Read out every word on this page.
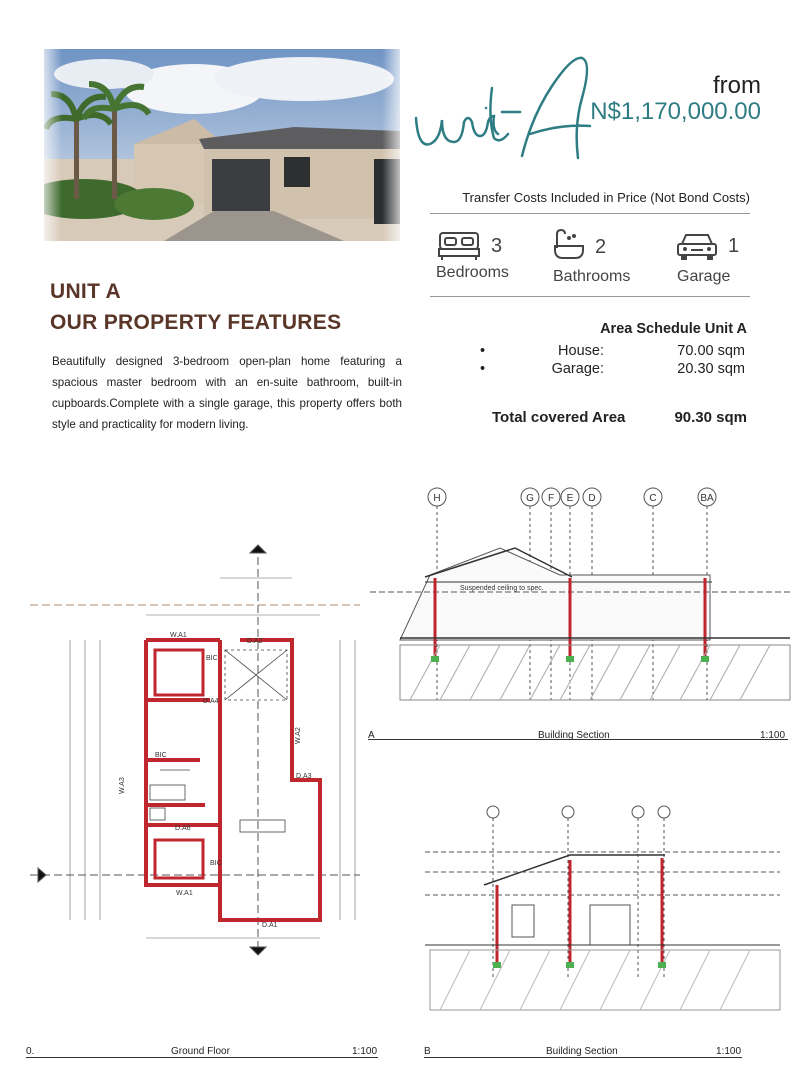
unit A
from
N$1,170,000.00
Transfer Costs Included in Price (Not Bond Costs)
3
Bedrooms
2
Bathrooms
1
Garage
UNIT A
OUR PROPERTY FEATURES
Beautifully designed 3-bedroom open-plan home featuring a spacious master bedroom with an en-suite bathroom, built-in cupboards.Complete with a single garage, this property offers both style and practicality for modern living.
Area Schedule Unit A
•	House:	70.00 sqm
•	Garage:	20.30 sqm
Total covered Area	90.30 sqm
W.A1
D.A2
BIC
D.A4
D.A3
W.A2
W.A3
D.A6
W.A1
D.A1
BIC
BIC
H	G F E D	C	BA
Suspended ceiling to spec.
A	Building Section	1:100
0.	Ground Floor	1:100	B	Building Section	1:100
